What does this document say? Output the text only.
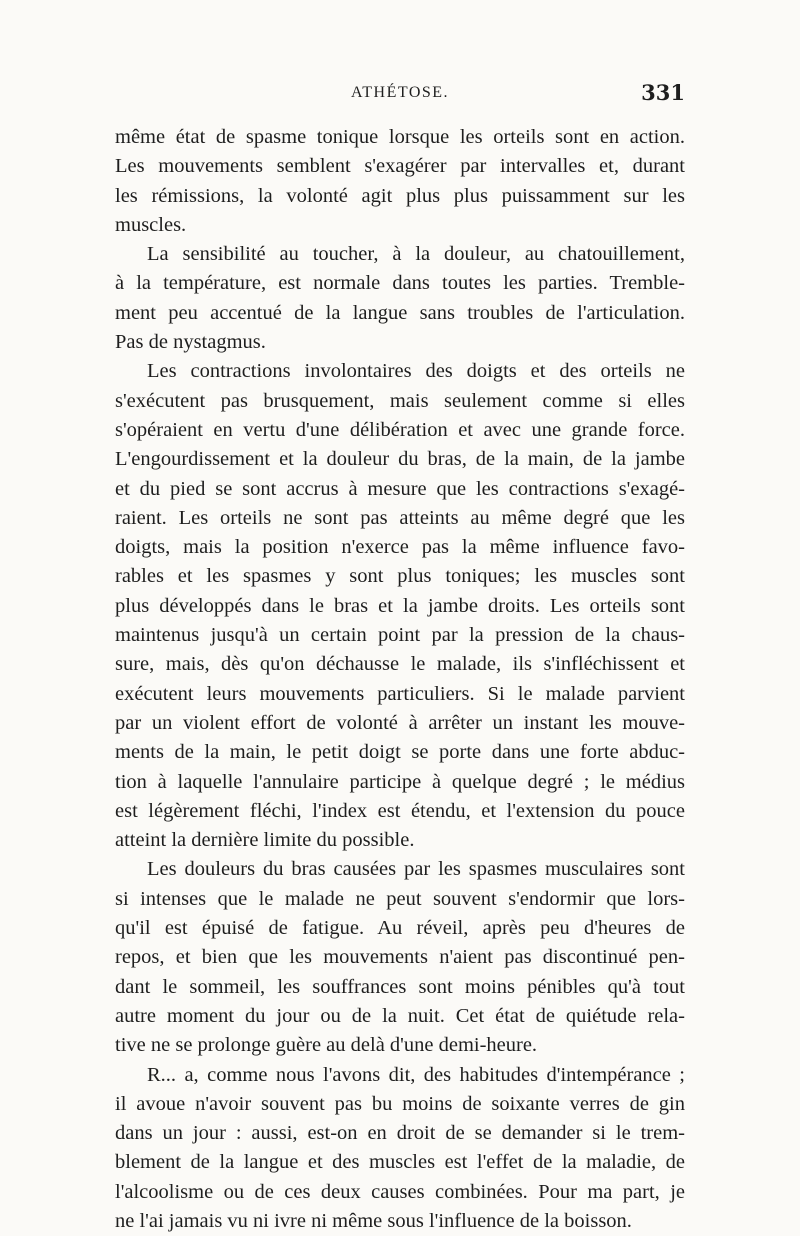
ATHÉTOSE.	331
même état de spasme tonique lorsque les orteils sont en action.
Les mouvements semblent s'exagérer par intervalles et, durant
les rémissions, la volonté agit plus plus puissamment sur les
muscles.
La sensibilité au toucher, à la douleur, au chatouillement,
à la température, est normale dans toutes les parties. Tremble-
ment peu accentué de la langue sans troubles de l'articulation.
Pas de nystagmus.
Les contractions involontaires des doigts et des orteils ne
s'exécutent pas brusquement, mais seulement comme si elles
s'opéraient en vertu d'une délibération et avec une grande force.
L'engourdissement et la douleur du bras, de la main, de la jambe
et du pied se sont accrus à mesure que les contractions s'exagé-
raient. Les orteils ne sont pas atteints au même degré que les
doigts, mais la position n'exerce pas la même influence favo-
rables et les spasmes y sont plus toniques; les muscles sont
plus développés dans le bras et la jambe droits. Les orteils sont
maintenus jusqu'à un certain point par la pression de la chaus-
sure, mais, dès qu'on déchausse le malade, ils s'infléchissent et
exécutent leurs mouvements particuliers. Si le malade parvient
par un violent effort de volonté à arrêter un instant les mouve-
ments de la main, le petit doigt se porte dans une forte abduc-
tion à laquelle l'annulaire participe à quelque degré ; le médius
est légèrement fléchi, l'index est étendu, et l'extension du pouce
atteint la dernière limite du possible.
Les douleurs du bras causées par les spasmes musculaires sont
si intenses que le malade ne peut souvent s'endormir que lors-
qu'il est épuisé de fatigue. Au réveil, après peu d'heures de
repos, et bien que les mouvements n'aient pas discontinué pen-
dant le sommeil, les souffrances sont moins pénibles qu'à tout
autre moment du jour ou de la nuit. Cet état de quiétude rela-
tive ne se prolonge guère au delà d'une demi-heure.
R... a, comme nous l'avons dit, des habitudes d'intempérance ;
il avoue n'avoir souvent pas bu moins de soixante verres de gin
dans un jour : aussi, est-on en droit de se demander si le trem-
blement de la langue et des muscles est l'effet de la maladie, de
l'alcoolisme ou de ces deux causes combinées. Pour ma part, je
ne l'ai jamais vu ni ivre ni même sous l'influence de la boisson.
